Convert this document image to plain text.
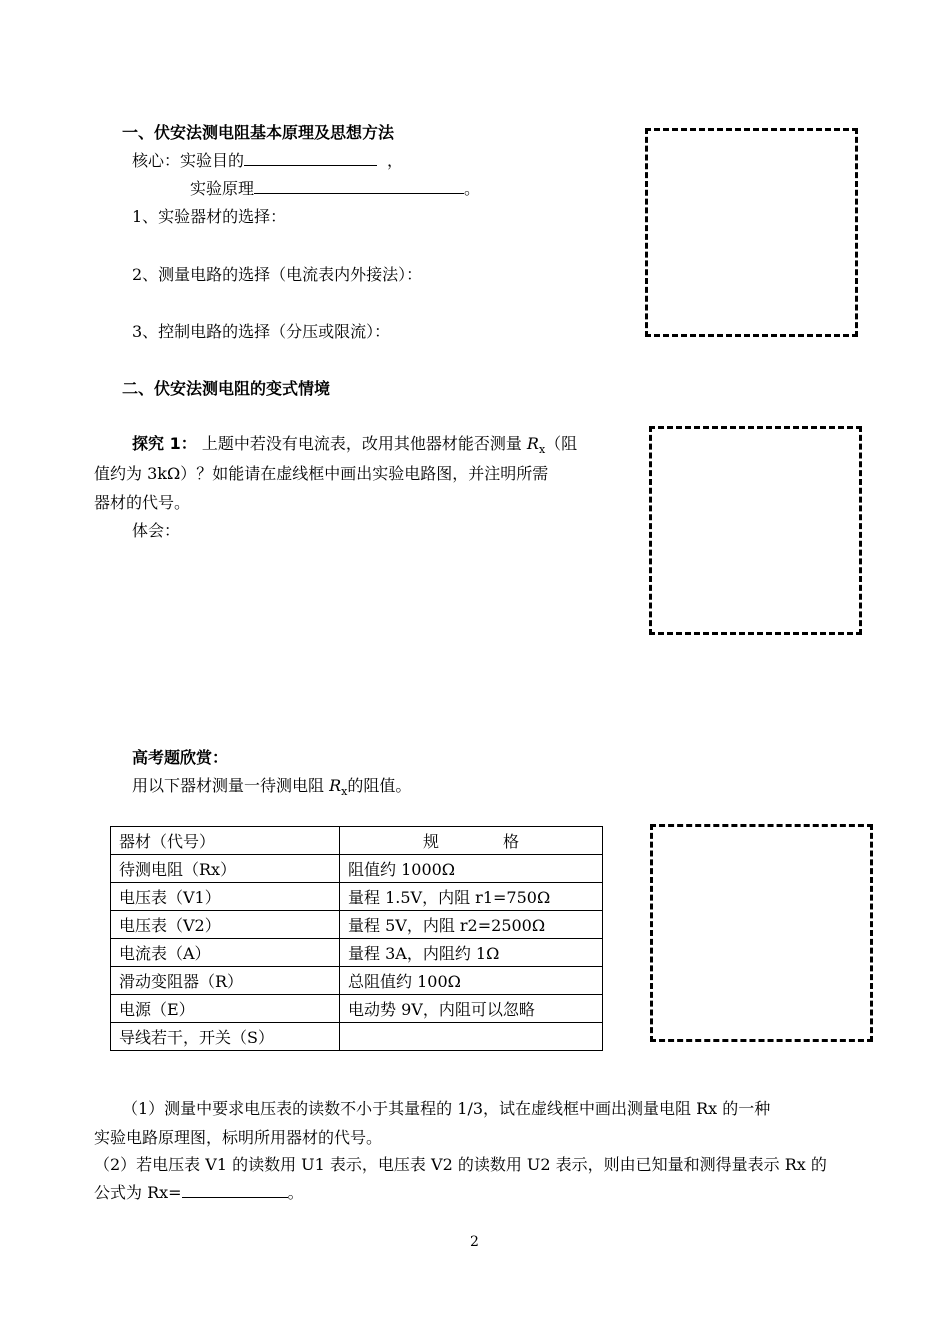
一、伏安法测电阻基本原理及思想方法
核心：实验目的	，
实验原理	。
1、实验器材的选择：
2、测量电路的选择（电流表内外接法）：
3、控制电路的选择（分压或限流）：
二、伏安法测电阻的变式情境
探究 1： 上题中若没有电流表，改用其他器材能否测量 $R_x$（阻
值约为 3kΩ）？如能请在虚线框中画出实验电路图，并注明所需
器材的代号。
体会：
高考题欣赏：
用以下器材测量一待测电阻 $R_x$的阻值。
器材（代号）	规　　　　格
待测电阻（Rx）	阻值约 1000Ω
电压表（V1）	量程 1.5V，内阻 r1=750Ω
电压表（V2）	量程 5V，内阻 r2=2500Ω
电流表（A）	量程 3A，内阻约 1Ω
滑动变阻器（R）	总阻值约 100Ω
电源（E）	电动势 9V，内阻可以忽略
导线若干，开关（S）	
（1）测量中要求电压表的读数不小于其量程的 1/3，试在虚线框中画出测量电阻 Rx 的一种
实验电路原理图，标明所用器材的代号。
（2）若电压表 V1 的读数用 U1 表示，电压表 V2 的读数用 U2 表示，则由已知量和测得量表示 Rx 的
公式为 Rx=	。
2
